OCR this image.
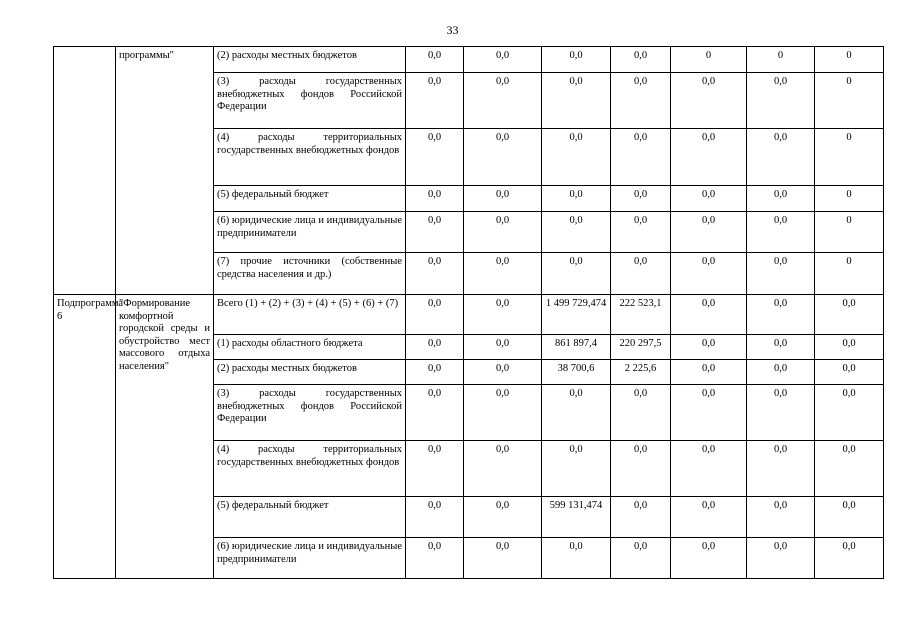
33
	программы"	(2) расходы местных бюджетов	0,0	0,0	0,0	0,0	0	0	0
		(3) расходы государственных внебюджетных фондов Российской Федерации	0,0	0,0	0,0	0,0	0,0	0,0	0
		(4) расходы территориальных государственных внебюджетных фондов	0,0	0,0	0,0	0,0	0,0	0,0	0
		(5) федеральный бюджет	0,0	0,0	0,0	0,0	0,0	0,0	0
		(6) юридические лица и индивидуальные предприниматели	0,0	0,0	0,0	0,0	0,0	0,0	0
		(7) прочие источники (собственные средства населения и др.)	0,0	0,0	0,0	0,0	0,0	0,0	0
Подпрограмма 6	"Формирование комфортной городской среды и обустройство мест массового отдыха населения"	Всего (1) + (2) + (3) + (4) + (5) + (6) + (7)	0,0	0,0	1 499 729,474	222 523,1	0,0	0,0	0,0
		(1) расходы областного бюджета	0,0	0,0	861 897,4	220 297,5	0,0	0,0	0,0
		(2) расходы местных бюджетов	0,0	0,0	38 700,6	2 225,6	0,0	0,0	0,0
		(3) расходы государственных внебюджетных фондов Российской Федерации	0,0	0,0	0,0	0,0	0,0	0,0	0,0
		(4) расходы территориальных государственных внебюджетных фондов	0,0	0,0	0,0	0,0	0,0	0,0	0,0
		(5) федеральный бюджет	0,0	0,0	599 131,474	0,0	0,0	0,0	0,0
		(6) юридические лица и индивидуальные предприниматели	0,0	0,0	0,0	0,0	0,0	0,0	0,0
